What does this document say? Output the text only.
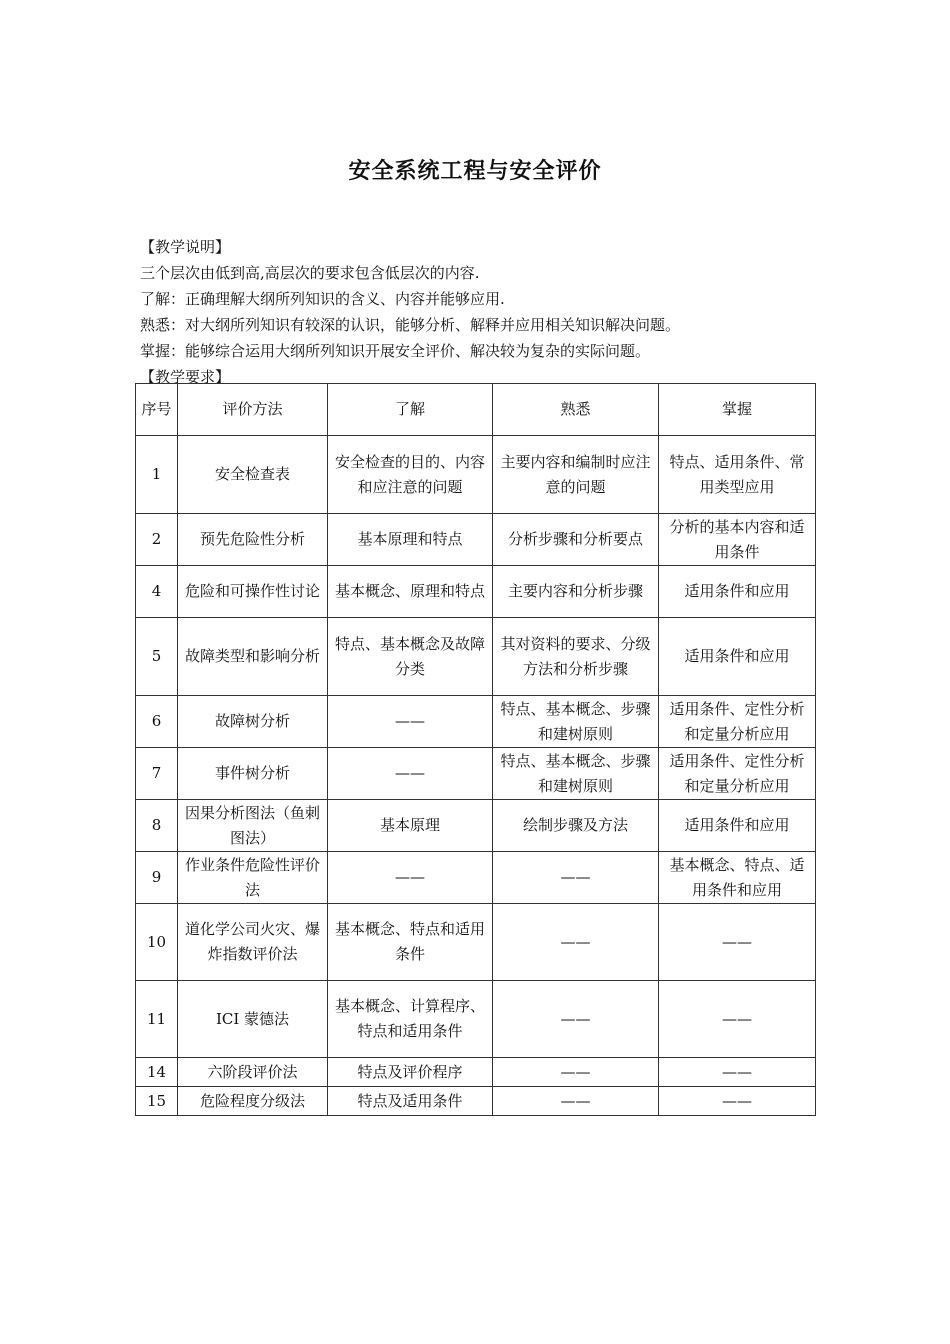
安全系统工程与安全评价
【教学说明】
三个层次由低到高,高层次的要求包含低层次的内容.
了解：正确理解大纲所列知识的含义、内容并能够应用.
熟悉：对大纲所列知识有较深的认识，能够分析、解释并应用相关知识解决问题。
掌握：能够综合运用大纲所列知识开展安全评价、解决较为复杂的实际问题。
【教学要求】
序号	评价方法	了解	熟悉	掌握
1	安全检查表	安全检查的目的、内容和应注意的问题	主要内容和编制时应注意的问题	特点、适用条件、常用类型应用
2	预先危险性分析	基本原理和特点	分析步骤和分析要点	分析的基本内容和适用条件
4	危险和可操作性讨论	基本概念、原理和特点	主要内容和分析步骤	适用条件和应用
5	故障类型和影响分析	特点、基本概念及故障分类	其对资料的要求、分级方法和分析步骤	适用条件和应用
6	故障树分析	——	特点、基本概念、步骤和建树原则	适用条件、定性分析和定量分析应用
7	事件树分析	——	特点、基本概念、步骤和建树原则	适用条件、定性分析和定量分析应用
8	因果分析图法（鱼刺图法）	基本原理	绘制步骤及方法	适用条件和应用
9	作业条件危险性评价法	——	——	基本概念、特点、适用条件和应用
10	道化学公司火灾、爆炸指数评价法	基本概念、特点和适用条件	——	——
11	ICI 蒙德法	基本概念、计算程序、特点和适用条件	——	——
14	六阶段评价法	特点及评价程序	——	——
15	危险程度分级法	特点及适用条件	——	——
